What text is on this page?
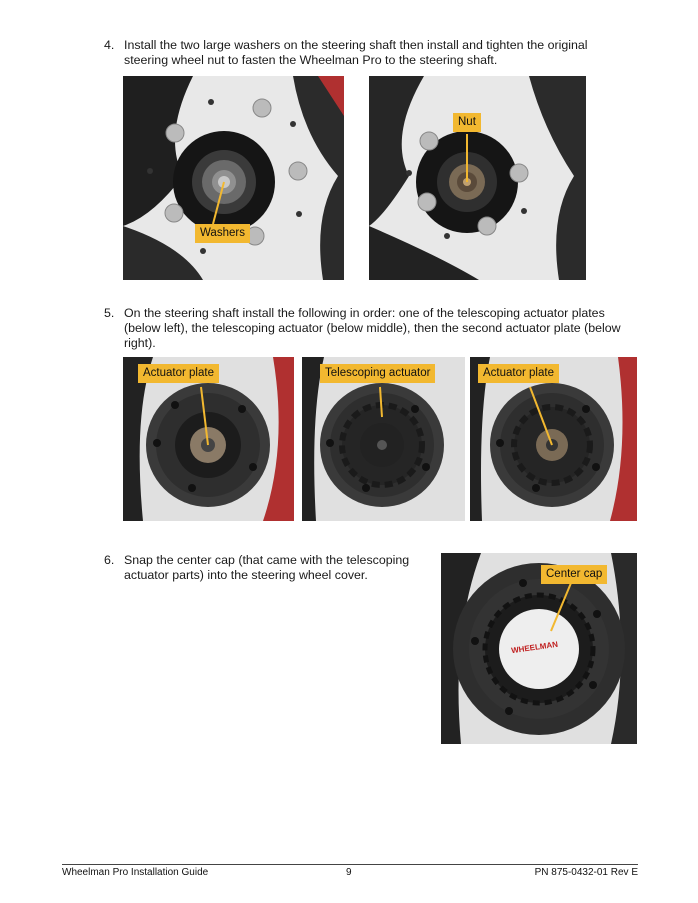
4. Install the two large washers on the steering shaft then install and tighten the original steering wheel nut to fasten the Wheelman Pro to the steering shaft.
Washers
Nut
5. On the steering shaft install the following in order: one of the telescoping actuator plates (below left), the telescoping actuator (below middle), then the second actuator plate (below right).
Actuator plate	Telescoping actuator	Actuator plate
6. Snap the center cap (that came with the telescoping actuator parts) into the steering wheel cover.	Center cap
WHEELMAN
Wheelman Pro Installation Guide	9	PN 875-0432-01 Rev E
